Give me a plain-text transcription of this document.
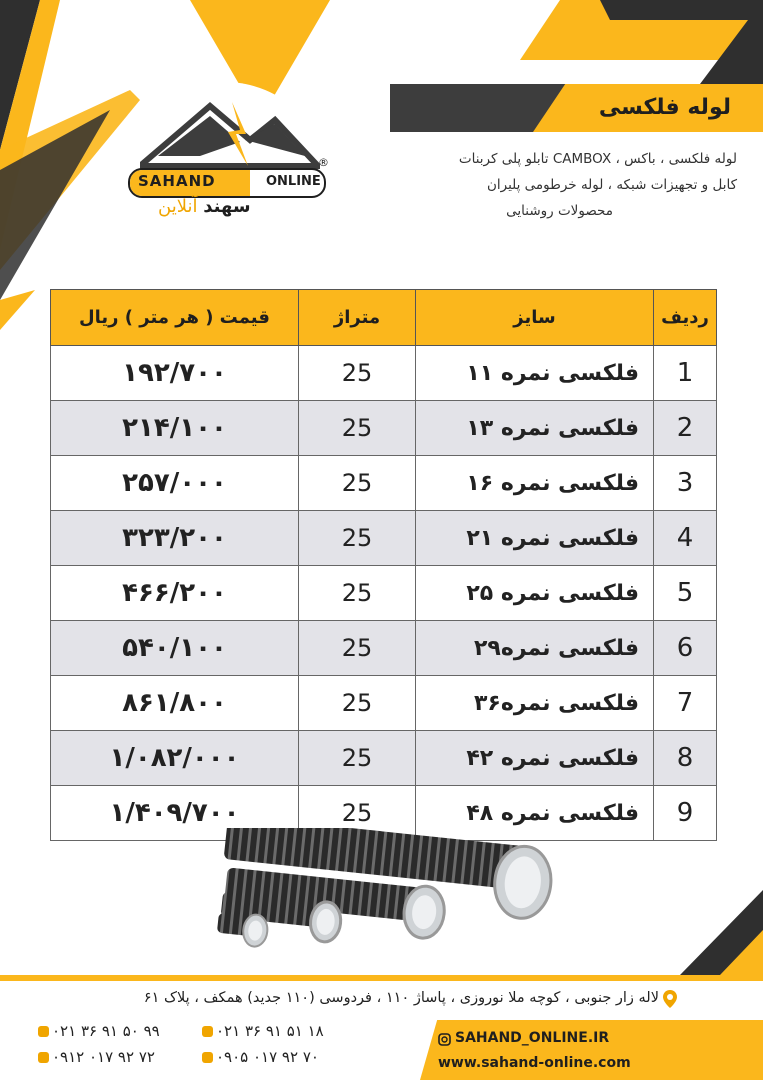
SAHAND	ONLINE
®
سهند آنلاین
لوله فلکسی
لوله فلکسی ، باکس ، CAMBOX تابلو پلی کربنات
کابل و تجهیزات شبکه ، لوله خرطومی پلیران
محصولات روشنایی
ردیف	سایز	متراژ	قیمت ( هر متر ) ریال
1	فلکسی نمره ۱۱	25	۱۹۲/۷۰۰
2	فلکسی نمره ۱۳	25	۲۱۴/۱۰۰
3	فلکسی نمره ۱۶	25	۲۵۷/۰۰۰
4	فلکسی نمره ۲۱	25	۳۲۳/۲۰۰
5	فلکسی نمره ۲۵	25	۴۶۶/۲۰۰
6	فلکسی نمره۲۹	25	۵۴۰/۱۰۰
7	فلکسی نمره۳۶	25	۸۶۱/۸۰۰
8	فلکسی نمره ۴۲	25	۱/۰۸۲/۰۰۰
9	فلکسی نمره ۴۸	25	۱/۴۰۹/۷۰۰
لاله زار جنوبی ، کوچه ملا نوروزی ، پاساژ ۱۱۰ ، فردوسی (۱۱۰ جدید) همکف ، پلاک ۶۱
۰۲۱ ۳۶ ۹۱ ۵۱ ۱۸
۰۲۱ ۳۶ ۹۱ ۵۰ ۹۹
۰۹۰۵ ۰۱۷ ۹۲ ۷۰
۰۹۱۲ ۰۱۷ ۹۲ ۷۲
SAHAND_ONLINE.IR
www.sahand-online.com
